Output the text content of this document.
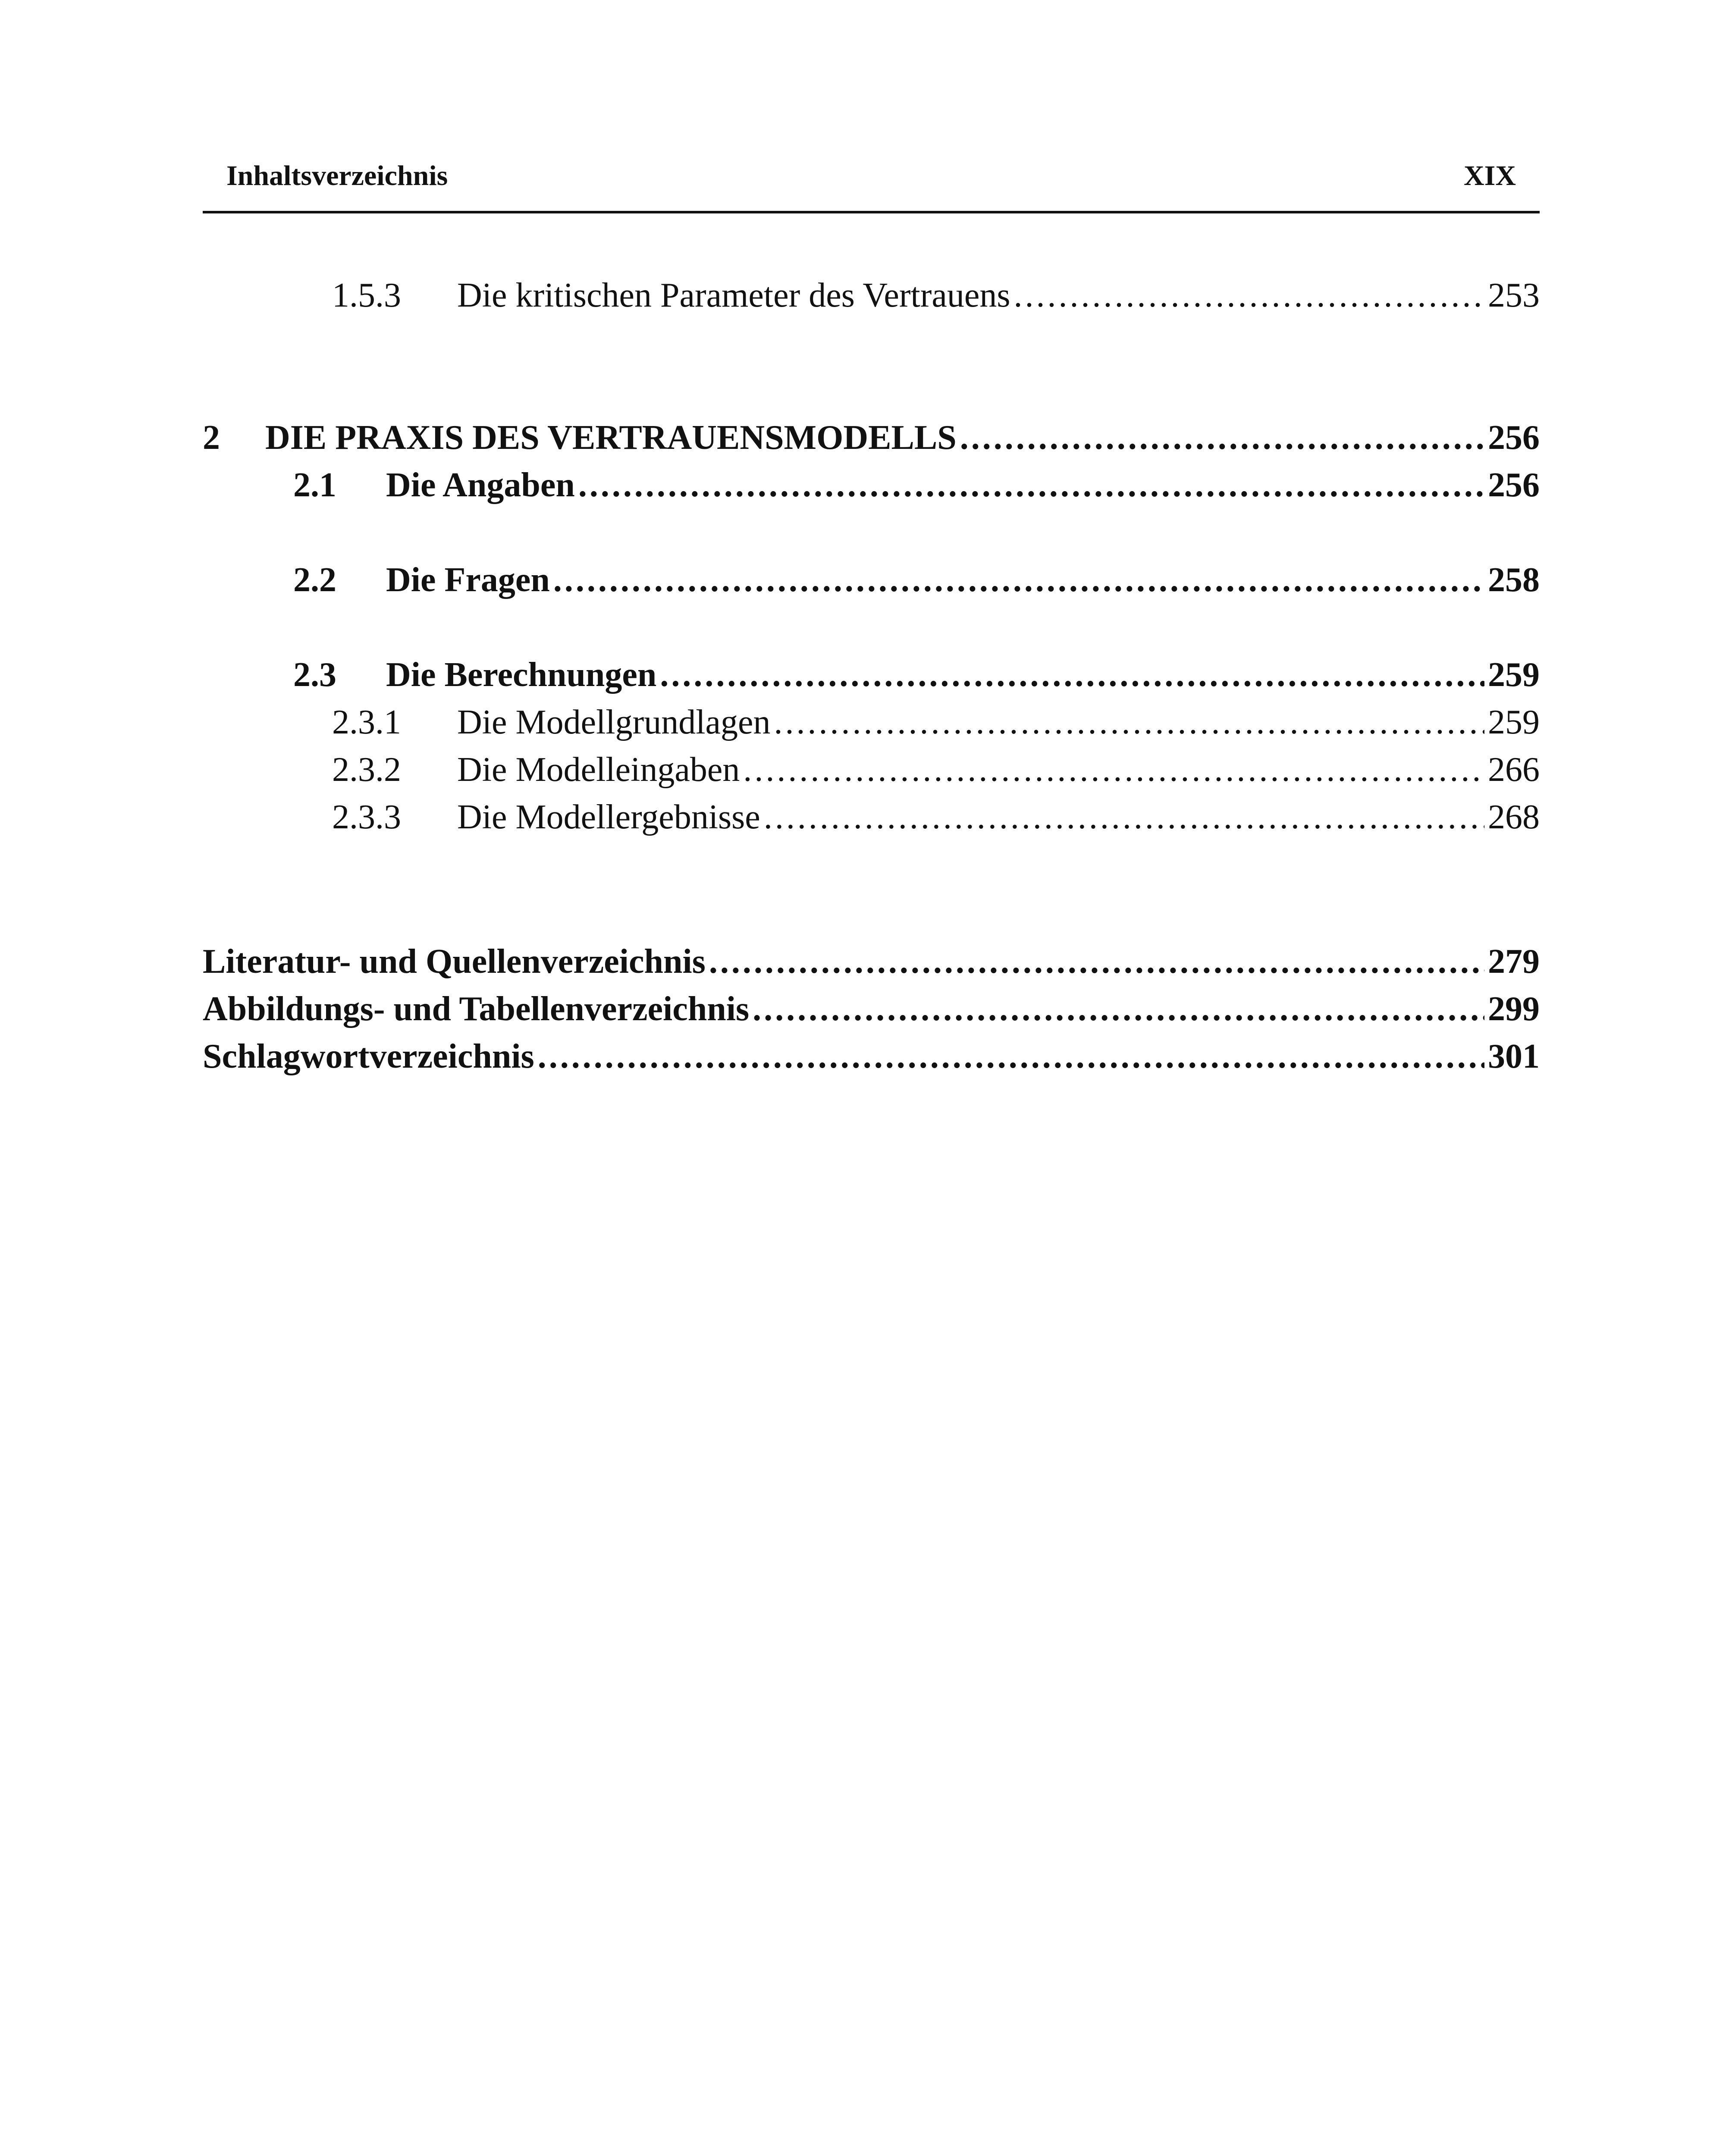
Inhaltsverzeichnis	XIX
1.5.3	Die kritischen Parameter des Vertrauens .....	253
2	DIE PRAXIS DES VERTRAUENSMODELLS .....	256
2.1	Die Angaben .....	256
2.2	Die Fragen .....	258
2.3	Die Berechnungen .....	259
2.3.1	Die Modellgrundlagen .....	259
2.3.2	Die Modelleingaben .....	266
2.3.3	Die Modellergebnisse .....	268
Literatur- und Quellenverzeichnis .....	279
Abbildungs- und Tabellenverzeichnis .....	299
Schlagwortverzeichnis .....	301
